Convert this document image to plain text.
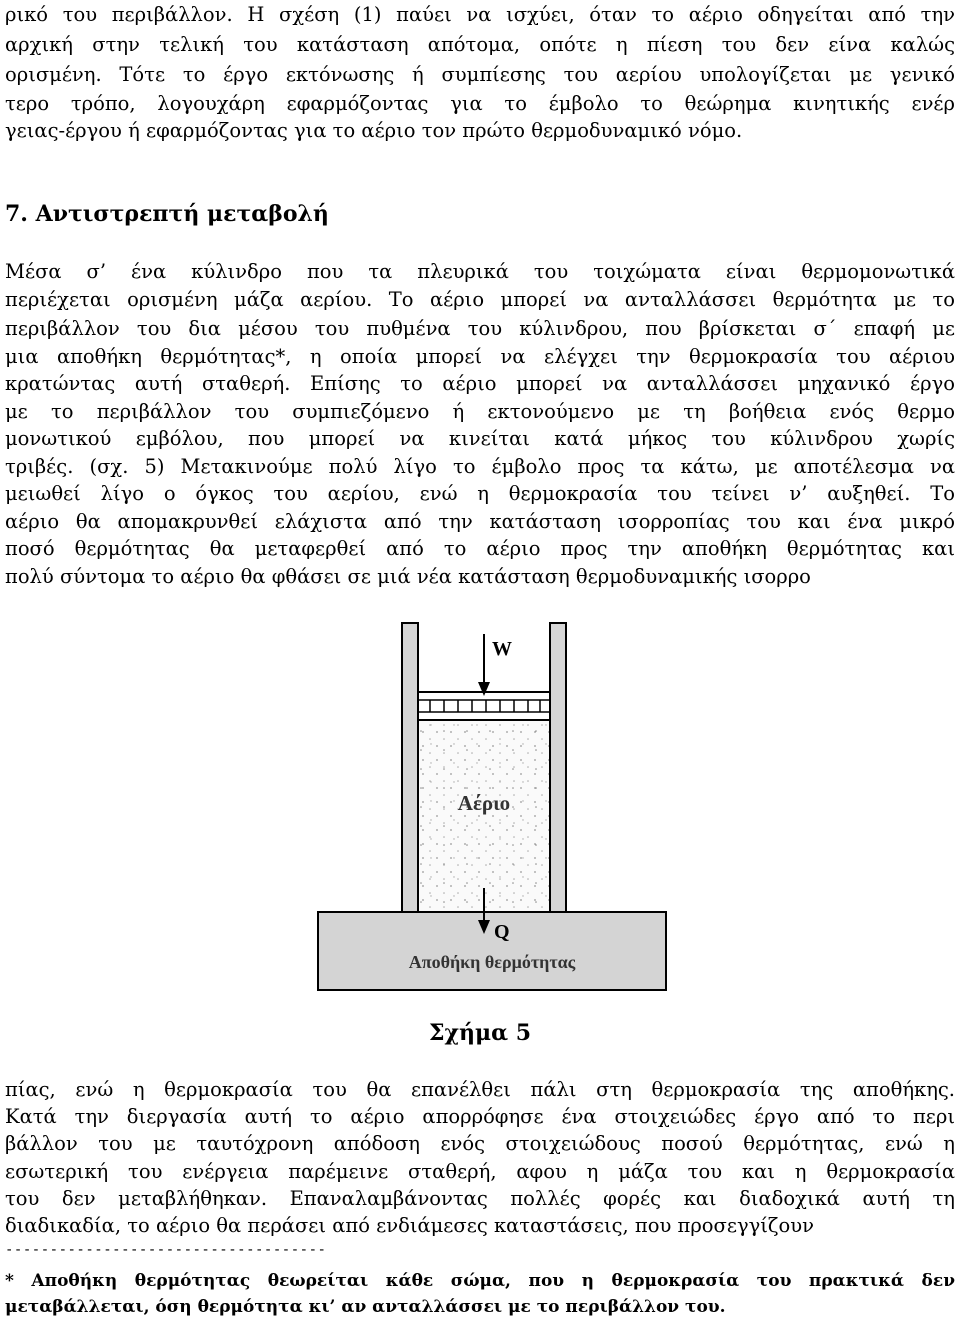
ρικό του περιβάλλον. Η σχέση (1) παύει να ισχύει, όταν το αέριο οδηγείται από την
αρχική στην τελική του κατάσταση απότομα, οπότε η πίεση του δεν είνα καλώς
ορισμένη. Τότε το έργο εκτόνωσης ή συμπίεσης του αερίου υπολογίζεται με γενικό
τερο τρόπο, λογουχάρη εφαρμόζοντας για το έμβολο το θεώρημα κινητικής ενέρ
γειας-έργου ή εφαρμόζοντας για το αέριο τον πρώτο θερμοδυναμικό νόμο.
7. Αντιστρεπτή μεταβολή
Μέσα σ’ ένα κύλινδρο που τα πλευρικά του τοιχώματα είναι θερμομονωτικά
περιέχεται ορισμένη μάζα αερίου. Το αέριο μπορεί να ανταλλάσσει θερμότητα με το
περιβάλλον του δια μέσου του πυθμένα του κύλινδρου, που βρίσκεται σ΄ επαφή με
μια αποθήκη θερμότητας*, η οποία μπορεί να ελέγχει την θερμοκρασία του αέριου
κρατώντας αυτή σταθερή. Επίσης το αέριο μπορεί να ανταλλάσσει μηχανικό έργο
με το περιβάλλον του συμπιεζόμενο ή εκτονούμενο με τη βοήθεια ενός θερμο
μονωτικού εμβόλου, που μπορεί να κινείται κατά μήκος του κύλινδρου χωρίς
τριβές. (σχ. 5) Μετακινούμε πολύ λίγο το έμβολο προς τα κάτω, με αποτέλεσμα να
μειωθεί λίγο ο όγκος του αερίου, ενώ η θερμοκρασία του τείνει ν’ αυξηθεί. Το
αέριο θα απομακρυνθεί ελάχιστα από την κατάσταση ισορροπίας του και ένα μικρό
ποσό θερμότητας θα μεταφερθεί από το αέριο προς την αποθήκη θερμότητας και
πολύ σύντομα το αέριο θα φθάσει σε μιά νέα κατάσταση θερμοδυναμικής ισορρο
W
Αέριο
Q
Αποθήκη θερμότητας
Σχήμα 5
πίας, ενώ η θερμοκρασία του θα επανέλθει πάλι στη θερμοκρασία της αποθήκης.
Κατά την διεργασία αυτή το αέριο απορρόφησε ένα στοιχειώδες έργο από το περι
βάλλον του με ταυτόχρονη απόδοση ενός στοιχειώδους ποσού θερμότητας, ενώ η
εσωτερική του ενέργεια παρέμεινε σταθερή, αφου η μάζα του και η θερμοκρασία
του δεν μεταβλήθηκαν. Επαναλαμβάνοντας πολλές φορές και διαδοχικά αυτή τη
διαδικαδία, το αέριο θα περάσει από ενδιάμεσες καταστάσεις, που προσεγγίζουν
------------------------------------
* Αποθήκη θερμότητας θεωρείται κάθε σώμα, που η θερμοκρασία του πρακτικά δεν
μεταβάλλεται, όση θερμότητα κι’ αν ανταλλάσσει με το περιβάλλον του.
